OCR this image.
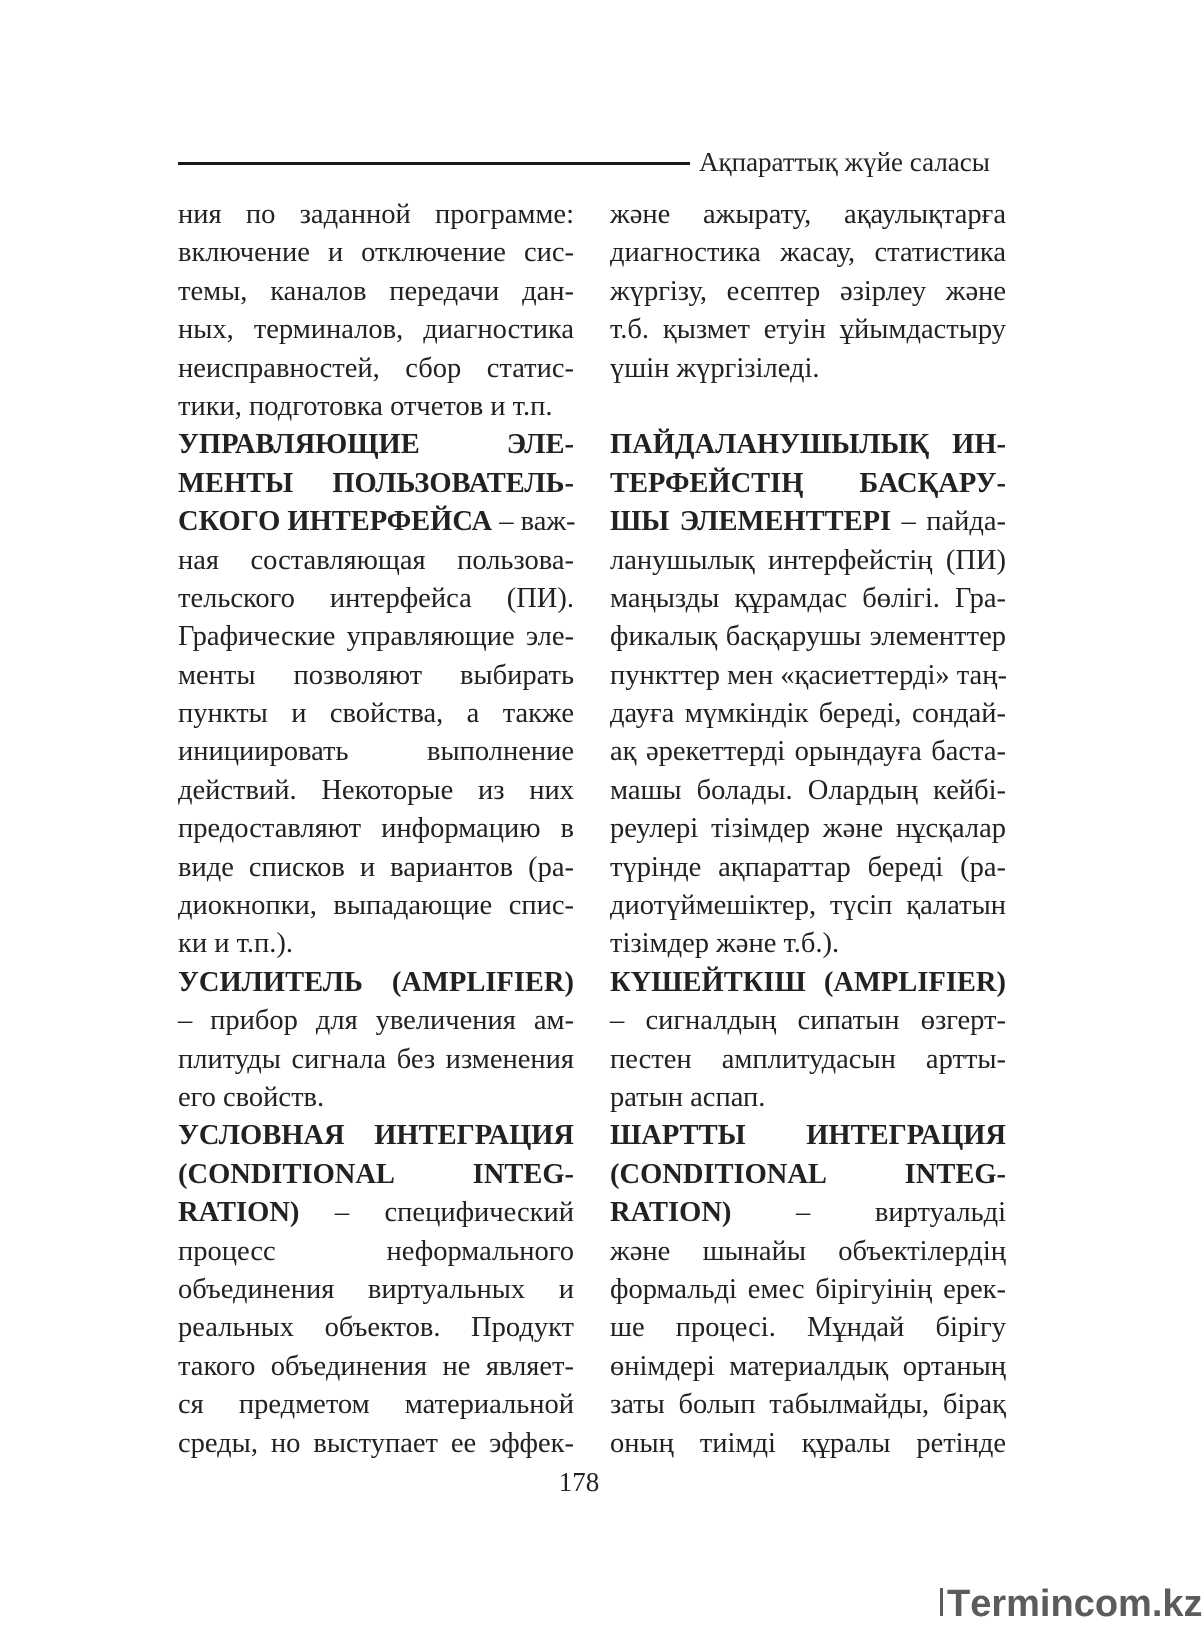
Ақпараттық жүйе саласы
ния по заданной программе:
включение и отключение сис-
темы, каналов передачи дан-
ных, терминалов, диагностика
неисправностей, сбор статис-
тики, подготовка отчетов и т.п.
УПРАВЛЯЮЩИЕ ЭЛЕ-
МЕНТЫ ПОЛЬЗОВАТЕЛЬ-
СКОГО ИНТЕРФЕЙСА – важ-
ная составляющая пользова-
тельского интерфейса (ПИ).
Графические управляющие эле-
менты позволяют выбирать
пункты и свойства, а также
инициировать выполнение
действий. Некоторые из них
предоставляют информацию в
виде списков и вариантов (ра-
диокнопки, выпадающие спис-
ки и т.п.).
УСИЛИТЕЛЬ (AMPLIFIER)
– прибор для увеличения ам-
плитуды сигнала без изменения
его свойств.
УСЛОВНАЯ ИНТЕГРАЦИЯ
(CONDITIONAL INTEG-
RATION) – специфический
процесс неформального
объединения виртуальных и
реальных объектов. Продукт
такого объединения не являет-
ся предметом материальной
среды, но выступает ее эффек-
және ажырату, ақаулықтарға
диагностика жасау, статистика
жүргізу, есептер әзірлеу және
т.б. қызмет етуін ұйымдастыру
үшін жүргізіледі.
ПАЙДАЛАНУШЫЛЫҚ ИН-
ТЕРФЕЙСТІҢ БАСҚАРУ-
ШЫ ЭЛЕМЕНТТЕРІ – пайда-
ланушылық интерфейстің (ПИ)
маңызды құрамдас бөлігі. Гра-
фикалық басқарушы элементтер
пункттер мен «қасиеттерді» таң-
дауға мүмкіндік береді, сондай-
ақ әрекеттерді орындауға баста-
машы болады. Олардың кейбі-
реулері тізімдер және нұсқалар
түрінде ақпараттар береді (ра-
диотүймешіктер, түсіп қалатын
тізімдер және т.б.).
КҮШЕЙТКІШ (AMPLIFIER)
– сигналдың сипатын өзгерт-
пестен амплитудасын артты-
ратын аспап.
ШАРТТЫ ИНТЕГРАЦИЯ
(CONDITIONAL INTEG-
RATION) – виртуальді
және шынайы объектілердің
формальді емес бірігуінің ерек-
ше процесі. Мұндай бірігу
өнімдері материалдық ортаның
заты болып табылмайды, бірақ
оның тиімді құралы ретінде
178
T ermincom.kz
